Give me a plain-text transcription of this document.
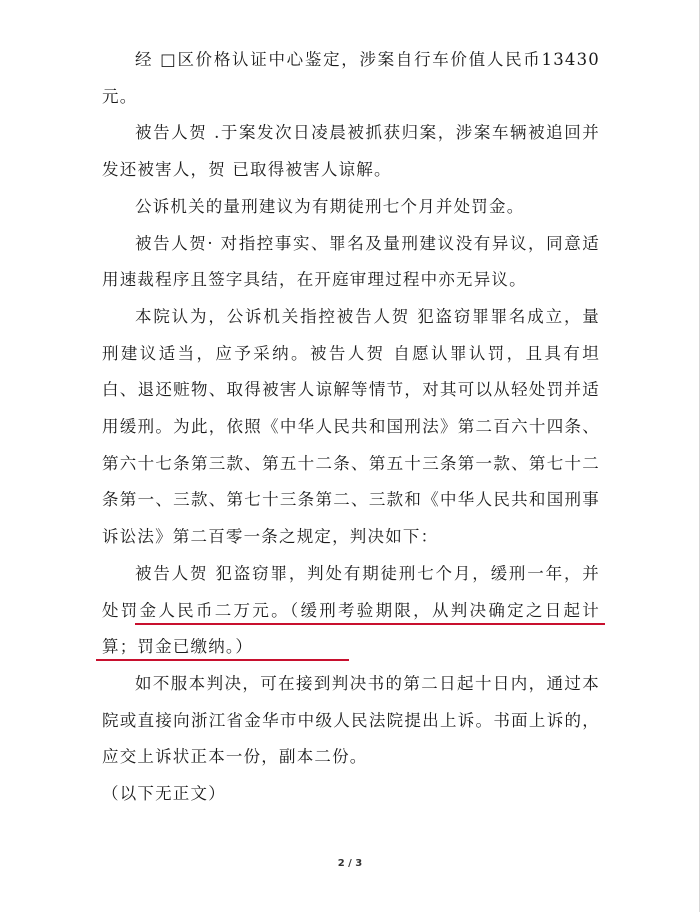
经 □区价格认证中心鉴定，涉案自行车价值人民币13430元。

被告人贺 .于案发次日凌晨被抓获归案，涉案车辆被追回并发还被害人，贺 已取得被害人谅解。

公诉机关的量刑建议为有期徒刑七个月并处罚金。

被告人贺· 对指控事实、罪名及量刑建议没有异议，同意适用速裁程序且签字具结，在开庭审理过程中亦无异议。

本院认为，公诉机关指控被告人贺 犯盗窃罪罪名成立，量刑建议适当，应予采纳。被告人贺 自愿认罪认罚，且具有坦白、退还赃物、取得被害人谅解等情节，对其可以从轻处罚并适用缓刑。为此，依照《中华人民共和国刑法》第二百六十四条、第六十七条第三款、第五十二条、第五十三条第一款、第七十二条第一、三款、第七十三条第二、三款和《中华人民共和国刑事诉讼法》第二百零一条之规定，判决如下：

被告人贺 犯盗窃罪，判处有期徒刑七个月，缓刑一年，并处罚金人民币二万元。（缓刑考验期限，从判决确定之日起计算；罚金已缴纳。）

如不服本判决，可在接到判决书的第二日起十日内，通过本院或直接向浙江省金华市中级人民法院提出上诉。书面上诉的，应交上诉状正本一份，副本二份。

（以下无正文）

2 / 3
